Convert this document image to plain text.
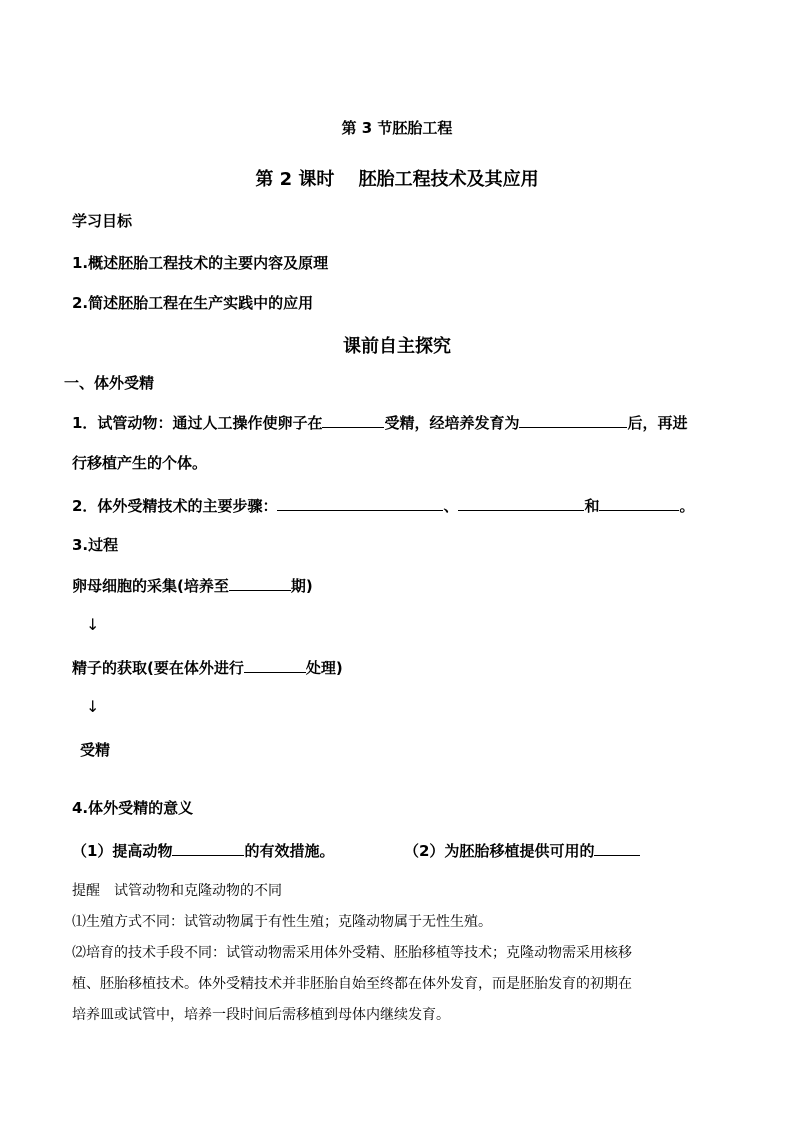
第 3 节胚胎工程
第 2 课时　 胚胎工程技术及其应用
学习目标
1.概述胚胎工程技术的主要内容及原理
2.简述胚胎工程在生产实践中的应用
课前自主探究
一、体外受精
1．试管动物：通过人工操作使卵子在	受精，经培养发育为	后，再进
行移植产生的个体。
2．体外受精技术的主要步骤：	、	和	。
3.过程
卵母细胞的采集(培养至	期)
↓
精子的获取(要在体外进行	处理)
↓
受精
4.体外受精的意义
（1）提高动物	的有效措施。	（2）为胚胎移植提供可用的
提醒　试管动物和克隆动物的不同
⑴生殖方式不同：试管动物属于有性生殖；克隆动物属于无性生殖。
⑵培育的技术手段不同：试管动物需采用体外受精、胚胎移植等技术；克隆动物需采用核移
植、胚胎移植技术。体外受精技术并非胚胎自始至终都在体外发育，而是胚胎发育的初期在
培养皿或试管中，培养一段时间后需移植到母体内继续发育。
